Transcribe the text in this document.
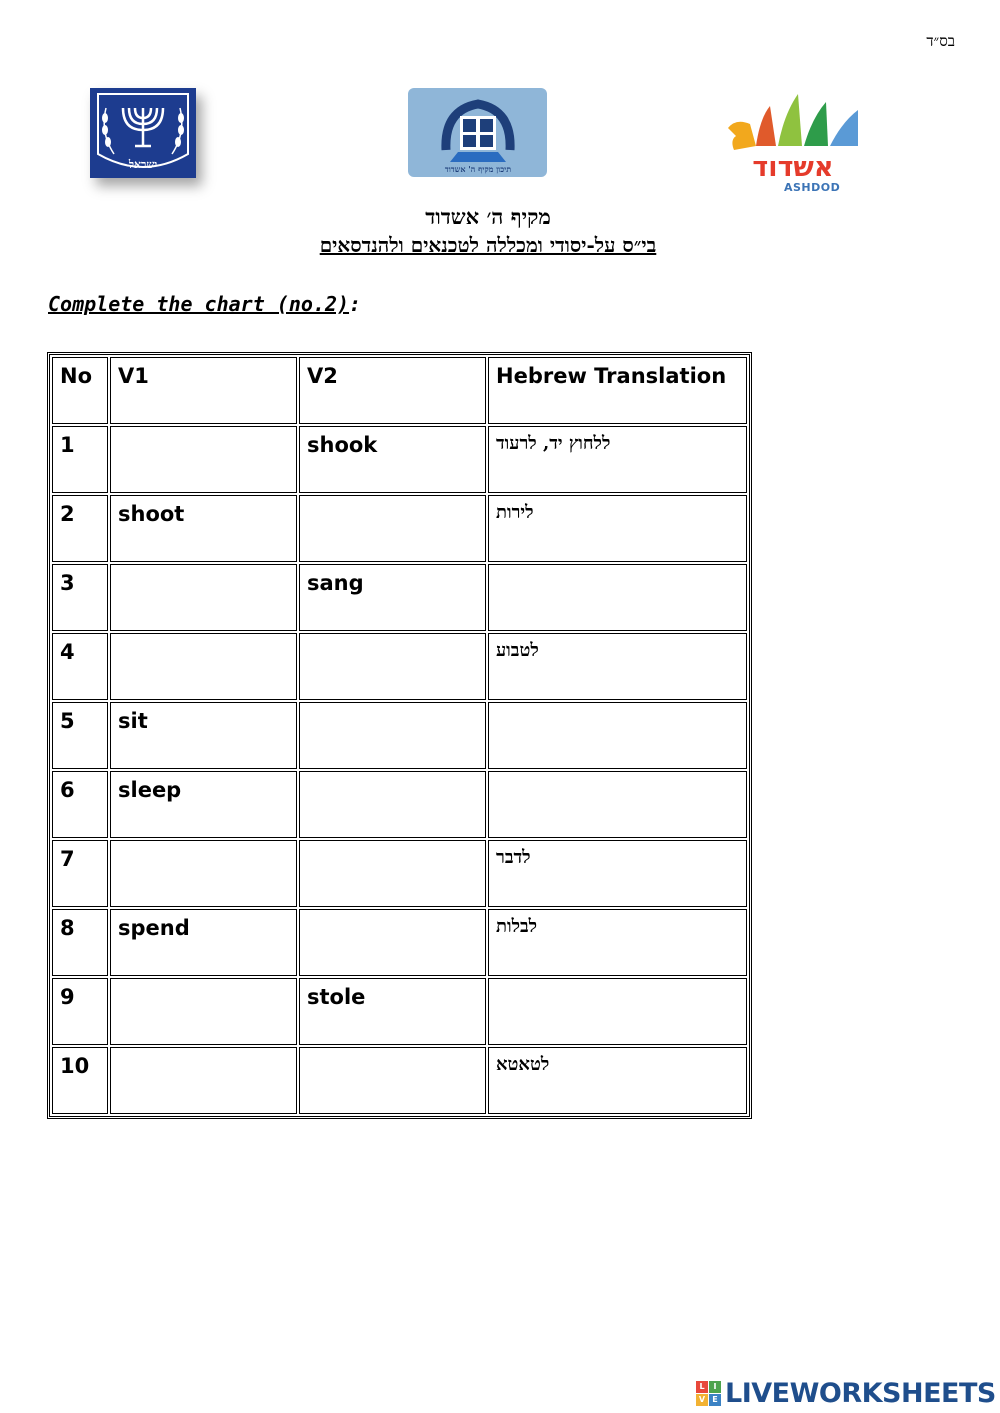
בס״ד
ישראל	תיכון מקיף ה' אשדוד	אשדוד
ASHDOD
מקיף ה׳ אשדוד
בי״ס על-יסודי ומכללה לטכנאים ולהנדסאים
Complete the chart (no.2):
No	V1	V2	Hebrew Translation
1		shook	ללחוץ יד, לרעוד
2	shoot		לירות
3		sang	
4			לטבוע
5	sit		
6	sleep		
7			לדבר
8	spend		לבלות
9		stole	
10			לטאטא
L	I
V E LIVEWORKSHEETS
